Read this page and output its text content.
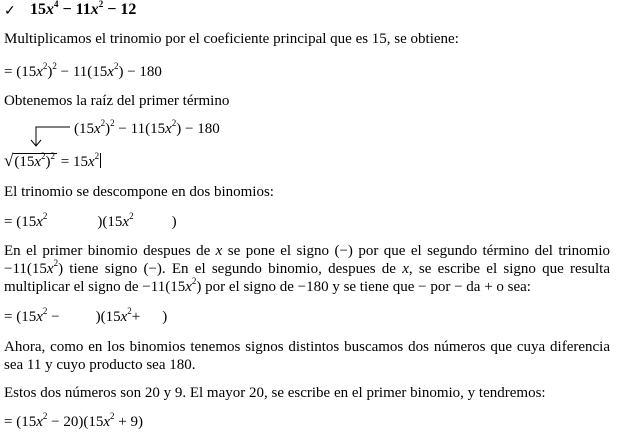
✓ $15x^4 - 11x^2 - 12$
Multiplicamos el trinomio por el coeficiente principal que es 15, se obtiene:
= $(15x^2)^2 - 11(15x^2) - 180$
Obtenemos la raíz del primer término
$(15x^2)^2 - 11(15x^2) - 180$
$√(15x^2)^2 = 15x^2$
El trinomio se descompone en dos binomios:
= ($15x^2$	)($15x^2$	)
En el primer binomio despues de x se pone el signo (−) por que el segundo término del trinomio $-11(15x^2)$ tiene signo (−). En el segundo binomio, despues de x, se escribe el signo que resulta multiplicar el signo de $-11(15x^2)$ por el signo de −180 y se tiene que − por − da + o sea:
= $(15x^2 - )(15x^2+$ )
Ahora, como en los binomios tenemos signos distintos buscamos dos números que cuya diferencia sea 11 y cuyo producto sea 180.
Estos dos números son 20 y 9. El mayor 20, se escribe en el primer binomio, y tendremos:
= $(15x^2 - 20)(15x^2 + 9)$
